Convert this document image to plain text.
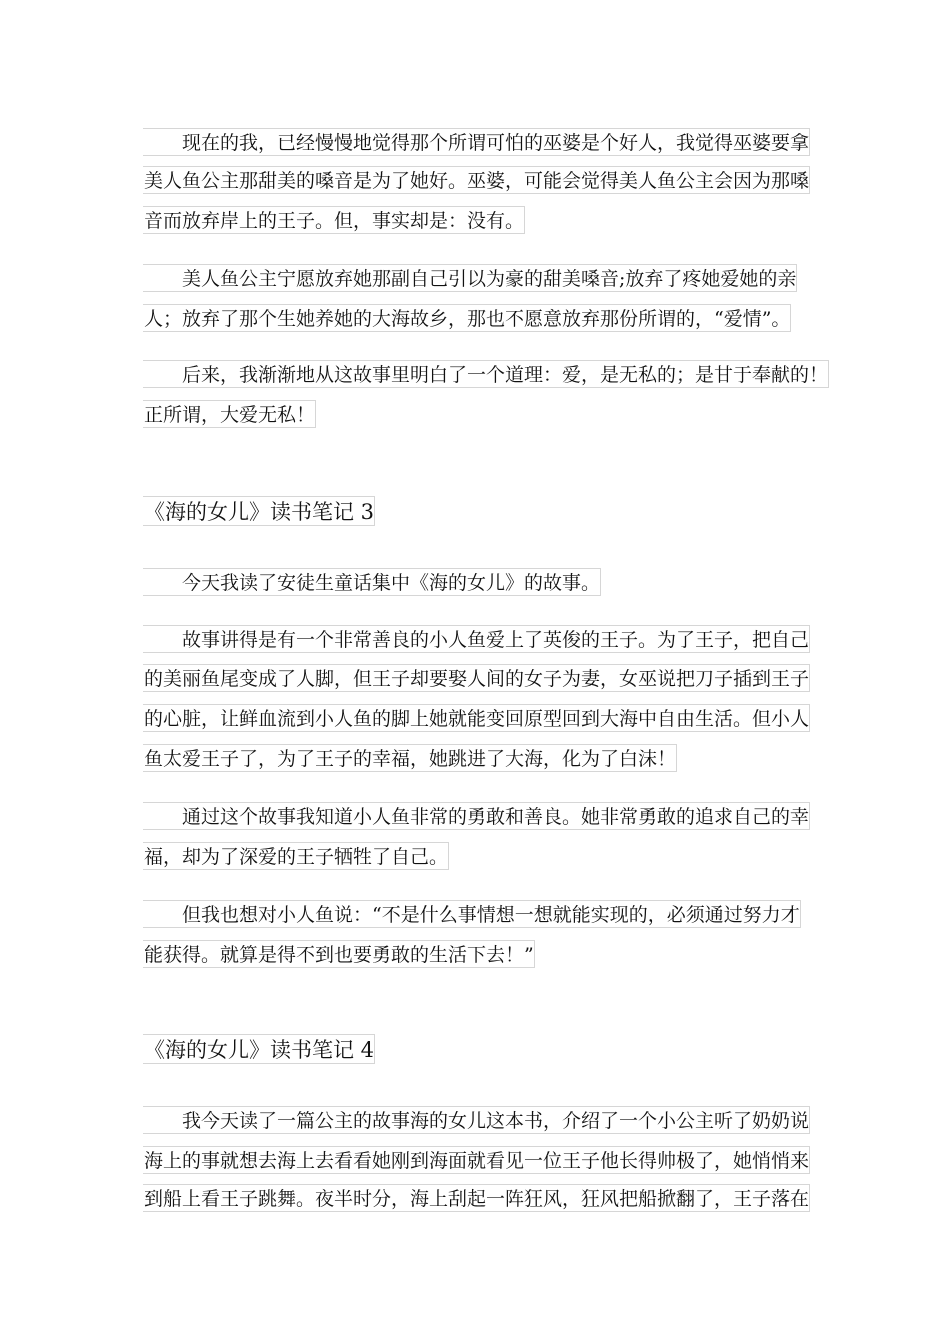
现在的我，已经慢慢地觉得那个所谓可怕的巫婆是个好人，我觉得巫婆要拿
美人鱼公主那甜美的嗓音是为了她好。巫婆，可能会觉得美人鱼公主会因为那嗓
音而放弃岸上的王子。但，事实却是：没有。
美人鱼公主宁愿放弃她那副自己引以为豪的甜美嗓音;放弃了疼她爱她的亲
人；放弃了那个生她养她的大海故乡，那也不愿意放弃那份所谓的，“爱情”。
后来，我渐渐地从这故事里明白了一个道理：爱，是无私的；是甘于奉献的！
正所谓，大爱无私！
《海的女儿》读书笔记 3
今天我读了安徒生童话集中《海的女儿》的故事。
故事讲得是有一个非常善良的小人鱼爱上了英俊的王子。为了王子，把自己
的美丽鱼尾变成了人脚，但王子却要娶人间的女子为妻，女巫说把刀子插到王子
的心脏，让鲜血流到小人鱼的脚上她就能变回原型回到大海中自由生活。但小人
鱼太爱王子了，为了王子的幸福，她跳进了大海，化为了白沫！
通过这个故事我知道小人鱼非常的勇敢和善良。她非常勇敢的追求自己的幸
福，却为了深爱的王子牺牲了自己。
但我也想对小人鱼说：“不是什么事情想一想就能实现的，必须通过努力才
能获得。就算是得不到也要勇敢的生活下去！”
《海的女儿》读书笔记 4
我今天读了一篇公主的故事海的女儿这本书，介绍了一个小公主听了奶奶说
海上的事就想去海上去看看她刚到海面就看见一位王子他长得帅极了，她悄悄来
到船上看王子跳舞。夜半时分，海上刮起一阵狂风，狂风把船掀翻了，王子落在
